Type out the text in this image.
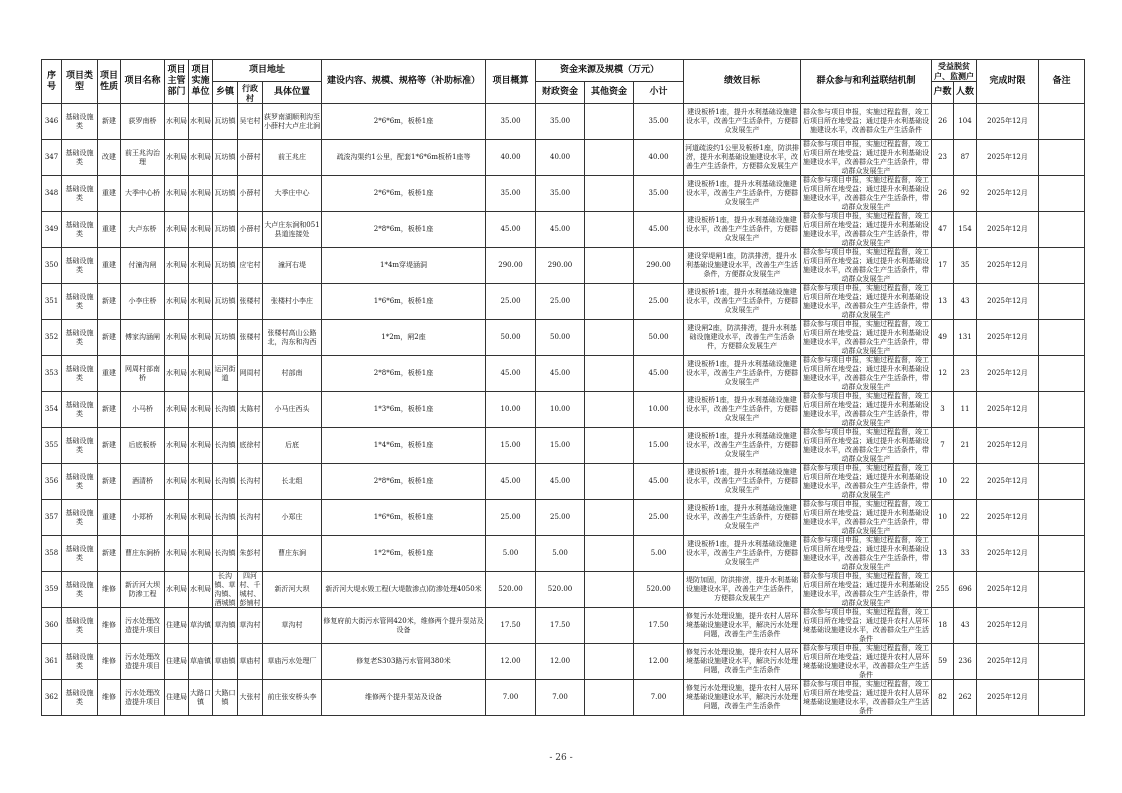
序号	项目类型	项目性质	项目名称	项目主管部门	项目实施单位	项目地址			建设内容、规模、规格等（补助标准）	项目概算	资金来源及规模（万元）			绩效目标	群众参与和利益联结机制	受益脱贫户、监测户		完成时限	备注
						乡镇	行政村	具体位置			财政资金	其他资金	小计			户数	人数		

346	基础设施类	新建	荻罗南桥	水利局	水利局	瓦坊镇	吴宅村	荻罗南湖顺利沟至小薛村大卢庄北涧	2*6*6m，板桥1座	35.00	35.00		35.00	建设板桥1座，提升水利基础设施建设水平，改善生产生活条件，方便群众发展生产	群众参与项目申报，实施过程监督，竣工后项目所在地受益；通过提升水利基础设施建设水平，改善群众生产生活条件	26	104	2025年12月	

347	基础设施类	改建	前王兆沟治理	水利局	水利局	瓦坊镇	小薛村	前王兆庄	疏浚沟渠约1公里，配套1*6*6m板桥1座等	40.00	40.00		40.00	河道疏浚约1公里及板桥1座，防洪排涝，提升水利基础设施建设水平，改善生产生活条件，方便群众发展生产	群众参与项目申报，实施过程监督，竣工后项目所在地受益；通过提升水利基础设施建设水平，改善群众生产生活条件，带动群众发展生产	23	87	2025年12月	

348	基础设施类	重建	大季中心桥	水利局	水利局	瓦坊镇	小薛村	大季庄中心	2*6*6m，板桥1座	35.00	35.00		35.00	建设板桥1座，提升水利基础设施建设水平，改善生产生活条件，方便群众发展生产	群众参与项目申报，实施过程监督，竣工后项目所在地受益；通过提升水利基础设施建设水平，改善群众生产生活条件，带动群众发展生产	26	92	2025年12月	

349	基础设施类	重建	大卢东桥	水利局	水利局	瓦坊镇	小薛村	大卢庄东涧和051县道连接处	2*8*6m，板桥1座	45.00	45.00		45.00	建设板桥1座，提升水利基础设施建设水平，改善生产生活条件，方便群众发展生产	群众参与项目申报，实施过程监督，竣工后项目所在地受益；通过提升水利基础设施建设水平，改善群众生产生活条件，带动群众发展生产	47	154	2025年12月	

350	基础设施类	重建	付潼沟闸	水利局	水利局	瓦坊镇	应宅村	潼河右堤	1*4m穿堤涵洞	290.00	290.00		290.00	建设穿堤闸1座，防洪排涝，提升水利基础设施建设水平，改善生产生活条件，方便群众发展生产	群众参与项目申报，实施过程监督，竣工后项目所在地受益；通过提升水利基础设施建设水平，改善群众生产生活条件，带动群众发展生产	17	35	2025年12月	

351	基础设施类	新建	小李庄桥	水利局	水利局	瓦坊镇	张楼村	张楼村小李庄	1*6*6m，板桥1座	25.00	25.00		25.00	建设板桥1座，提升水利基础设施建设水平，改善生产生活条件，方便群众发展生产	群众参与项目申报，实施过程监督，竣工后项目所在地受益；通过提升水利基础设施建设水平，改善群众生产生活条件，带动群众发展生产	13	43	2025年12月	

352	基础设施类	新建	傅家沟涵闸	水利局	水利局	瓦坊镇	张楼村	张楼村高山公路北，沟东和沟西	1*2m，闸2座	50.00	50.00		50.00	建设闸2座，防洪排涝，提升水利基础设施建设水平，改善生产生活条件，方便群众发展生产	群众参与项目申报，实施过程监督，竣工后项目所在地受益；通过提升水利基础设施建设水平，改善群众生产生活条件，带动群众发展生产	49	131	2025年12月	

353	基础设施类	重建	网周村部南桥	水利局	水利局	运河街道	网周村	村部南	2*8*6m，板桥1座	45.00	45.00		45.00	建设板桥1座，提升水利基础设施建设水平，改善生产生活条件，方便群众发展生产	群众参与项目申报，实施过程监督，竣工后项目所在地受益；通过提升水利基础设施建设水平，改善群众生产生活条件，带动群众发展生产	12	23	2025年12月	

354	基础设施类	新建	小马桥	水利局	水利局	长沟镇	太陈村	小马庄西头	1*3*6m，板桥1座	10.00	10.00		10.00	建设板桥1座，提升水利基础设施建设水平，改善生产生活条件，方便群众发展生产	群众参与项目申报，实施过程监督，竣工后项目所在地受益；通过提升水利基础设施建设水平，改善群众生产生活条件，带动群众发展生产	3	11	2025年12月	

355	基础设施类	新建	后底板桥	水利局	水利局	长沟镇	底徐村	后底	1*4*6m，板桥1座	15.00	15.00		15.00	建设板桥1座，提升水利基础设施建设水平，改善生产生活条件，方便群众发展生产	群众参与项目申报，实施过程监督，竣工后项目所在地受益；通过提升水利基础设施建设水平，改善群众生产生活条件，带动群众发展生产	7	21	2025年12月	

356	基础设施类	新建	酒清桥	水利局	水利局	长沟镇	长沟村	长北组	2*8*6m，板桥1座	45.00	45.00		45.00	建设板桥1座，提升水利基础设施建设水平，改善生产生活条件，方便群众发展生产	群众参与项目申报，实施过程监督，竣工后项目所在地受益；通过提升水利基础设施建设水平，改善群众生产生活条件，带动群众发展生产	10	22	2025年12月	

357	基础设施类	重建	小郑桥	水利局	水利局	长沟镇	长沟村	小郑庄	1*6*6m，板桥1座	25.00	25.00		25.00	建设板桥1座，提升水利基础设施建设水平，改善生产生活条件，方便群众发展生产	群众参与项目申报，实施过程监督，竣工后项目所在地受益；通过提升水利基础设施建设水平，改善群众生产生活条件，带动群众发展生产	10	22	2025年12月	

358	基础设施类	新建	曹庄东涧桥	水利局	水利局	长沟镇	朱彭村	曹庄东涧	1*2*6m，板桥1座	5.00	5.00		5.00	建设板桥1座，提升水利基础设施建设水平，改善生产生活条件，方便群众发展生产	群众参与项目申报，实施过程监督，竣工后项目所在地受益；通过提升水利基础设施建设水平，改善群众生产生活条件，带动群众发展生产	13	33	2025年12月	

359	基础设施类	维修	新沂河大坝防渗工程	水利局	水利局	长沟镇、草沟镇、酒城镇	四河村、千城村、彭铺村	新沂河大坝	新沂河大堤水毁工程(大堤散渗点)防渗处理4050米	520.00	520.00		520.00	堤防加固，防洪排涝，提升水利基础设施建设水平，改善生产生活条件，方便群众发展生产	群众参与项目申报，实施过程监督，竣工后项目所在地受益；通过提升水利基础设施建设水平，改善群众生产生活条件，带动群众发展生产	255	696	2025年12月	

360	基础设施类	维修	污水处理改造提升项目	住建局	草沟镇	草沟镇	草沟村	草沟村	修复府前大街污水管网420米，维修两个提升泵站及设备	17.50	17.50		17.50	修复污水处理设施，提升农村人居环境基础设施建设水平，解决污水处理问题，改善生产生活条件	群众参与项目申报，实施过程监督，竣工后项目所在地受益；通过提升农村人居环境基础设施建设水平，改善群众生产生活条件	18	43	2025年12月	

361	基础设施类	维修	污水处理改造提升项目	住建局	草庙镇	草庙镇	草庙村	草庙污水处理厂	修复老S303路污水管网380米	12.00	12.00		12.00	修复污水处理设施，提升农村人居环境基础设施建设水平，解决污水处理问题，改善生产生活条件	群众参与项目申报，实施过程监督，竣工后项目所在地受益；通过提升农村人居环境基础设施建设水平，改善群众生产生活条件	59	236	2025年12月	

362	基础设施类	维修	污水处理改造提升项目	住建局	大路口镇	大路口镇	大张村	前庄张安桥头李	维修两个提升泵站及设备	7.00	7.00		7.00	修复污水处理设施，提升农村人居环境基础设施建设水平，解决污水处理问题，改善生产生活条件	群众参与项目申报，实施过程监督，竣工后项目所在地受益；通过提升农村人居环境基础设施建设水平，改善群众生产生活条件	82	262	2025年12月	

- 26 -
